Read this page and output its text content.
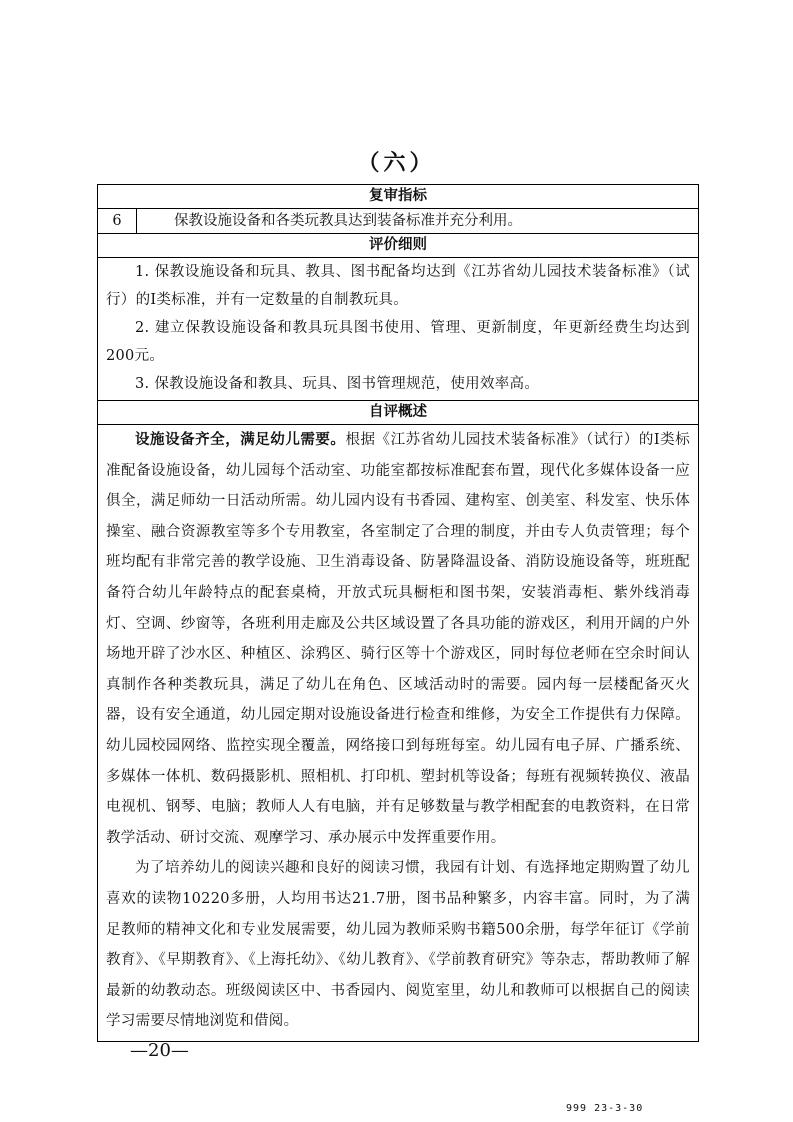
（六）
复审指标
6	保教设施设备和各类玩教具达到装备标准并充分利用。
评价细则

1. 保教设施设备和玩具、教具、图书配备均达到《江苏省幼儿园技术装备标准》（试行）的Ⅰ类标准，并有一定数量的自制教玩具。

2. 建立保教设施设备和教具玩具图书使用、管理、更新制度，年更新经费生均达到200元。

3. 保教设施设备和教具、玩具、图书管理规范，使用效率高。

自评概述

设施设备齐全，满足幼儿需要。根据《江苏省幼儿园技术装备标准》（试行）的Ⅰ类标准配备设施设备，幼儿园每个活动室、功能室都按标准配套布置，现代化多媒体设备一应俱全，满足师幼一日活动所需。幼儿园内设有书香园、建构室、创美室、科发室、快乐体操室、融合资源教室等多个专用教室，各室制定了合理的制度，并由专人负责管理；每个班均配有非常完善的教学设施、卫生消毒设备、防暑降温设备、消防设施设备等，班班配备符合幼儿年龄特点的配套桌椅，开放式玩具橱柜和图书架，安装消毒柜、紫外线消毒灯、空调、纱窗等，各班利用走廊及公共区域设置了各具功能的游戏区，利用开阔的户外场地开辟了沙水区、种植区、涂鸦区、骑行区等十个游戏区，同时每位老师在空余时间认真制作各种类教玩具，满足了幼儿在角色、区域活动时的需要。园内每一层楼配备灭火器，设有安全通道，幼儿园定期对设施设备进行检查和维修，为安全工作提供有力保障。幼儿园校园网络、监控实现全覆盖，网络接口到每班每室。幼儿园有电子屏、广播系统、多媒体一体机、数码摄影机、照相机、打印机、塑封机等设备；每班有视频转换仪、液晶电视机、钢琴、电脑；教师人人有电脑，并有足够数量与教学相配套的电教资料，在日常教学活动、研讨交流、观摩学习、承办展示中发挥重要作用。

为了培养幼儿的阅读兴趣和良好的阅读习惯，我园有计划、有选择地定期购置了幼儿喜欢的读物10220多册，人均用书达21.7册，图书品种繁多，内容丰富。同时，为了满足教师的精神文化和专业发展需要，幼儿园为教师采购书籍500余册，每学年征订《学前教育》、《早期教育》、《上海托幼》、《幼儿教育》、《学前教育研究》等杂志，帮助教师了解最新的幼教动态。班级阅读区中、书香园内、阅览室里，幼儿和教师可以根据自己的阅读学习需要尽情地浏览和借阅。

—20—
999 23-3-30
